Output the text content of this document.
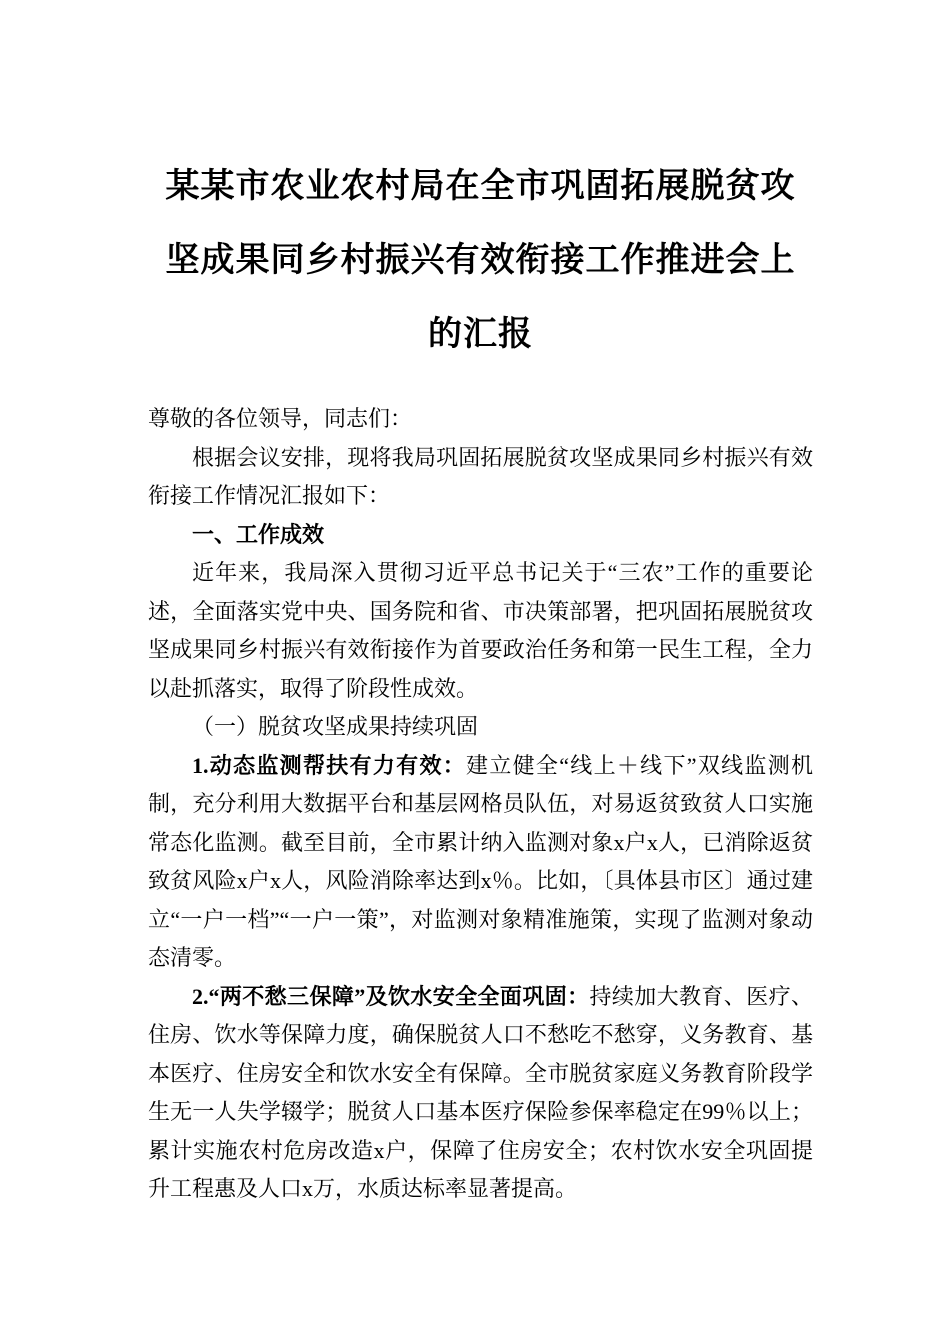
某某市农业农村局在全市巩固拓展脱贫攻
坚成果同乡村振兴有效衔接工作推进会上
的汇报

尊敬的各位领导，同志们：

根据会议安排，现将我局巩固拓展脱贫攻坚成果同乡村振兴有效衔接工作情况汇报如下：

一、工作成效

近年来，我局深入贯彻习近平总书记关于“三农”工作的重要论述，全面落实党中央、国务院和省、市决策部署，把巩固拓展脱贫攻坚成果同乡村振兴有效衔接作为首要政治任务和第一民生工程，全力以赴抓落实，取得了阶段性成效。

（一）脱贫攻坚成果持续巩固

1.动态监测帮扶有力有效：建立健全“线上＋线下”双线监测机制，充分利用大数据平台和基层网格员队伍，对易返贫致贫人口实施常态化监测。截至目前，全市累计纳入监测对象x户x人，已消除返贫致贫风险x户x人，风险消除率达到x％。比如，〔具体县市区〕通过建立“一户一档”“一户一策”，对监测对象精准施策，实现了监测对象动态清零。

2.“两不愁三保障”及饮水安全全面巩固：持续加大教育、医疗、住房、饮水等保障力度，确保脱贫人口不愁吃不愁穿，义务教育、基本医疗、住房安全和饮水安全有保障。全市脱贫家庭义务教育阶段学生无一人失学辍学；脱贫人口基本医疗保险参保率稳定在99％以上；累计实施农村危房改造x户，保障了住房安全；农村饮水安全巩固提升工程惠及人口x万，水质达标率显著提高。
